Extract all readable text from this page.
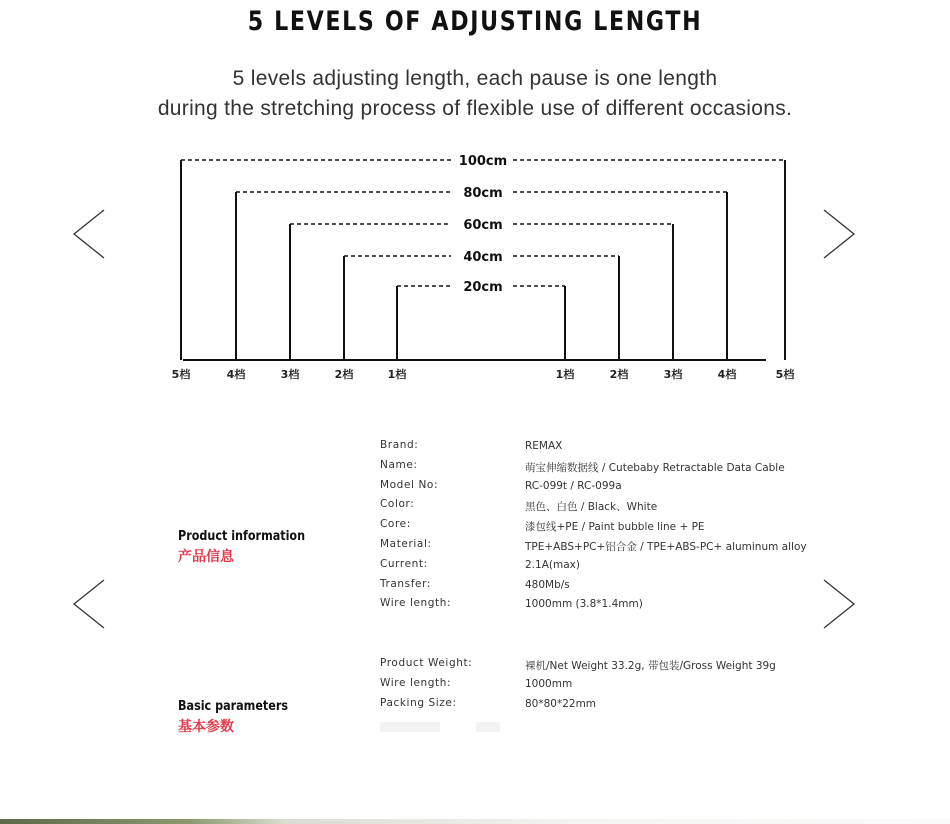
5 LEVELS OF ADJUSTING LENGTH
5 levels adjusting length, each pause is one length
during the stretching process of flexible use of different occasions.
100cm
5档	5档
80cm
4档	4档
60cm
3档	3档
40cm
2档	2档
20cm
1档	1档
Product information
产品信息
Brand:	REMAX
Name:	萌宝伸缩数据线 / Cutebaby Retractable Data Cable
Model No:	RC-099t / RC-099a
Color:	黑色、白色 / Black、White
Core:	漆包线+PE / Paint bubble line + PE
Material:	TPE+ABS+PC+铝合金 / TPE+ABS-PC+ aluminum alloy
Current:	2.1A(max)
Transfer:	480Mb/s
Wire length:	1000mm (3.8*1.4mm)
Basic parameters
基本参数
Product Weight:	裸机/Net Weight 33.2g, 带包装/Gross Weight 39g
Wire length:	1000mm
Packing Size:	80*80*22mm
